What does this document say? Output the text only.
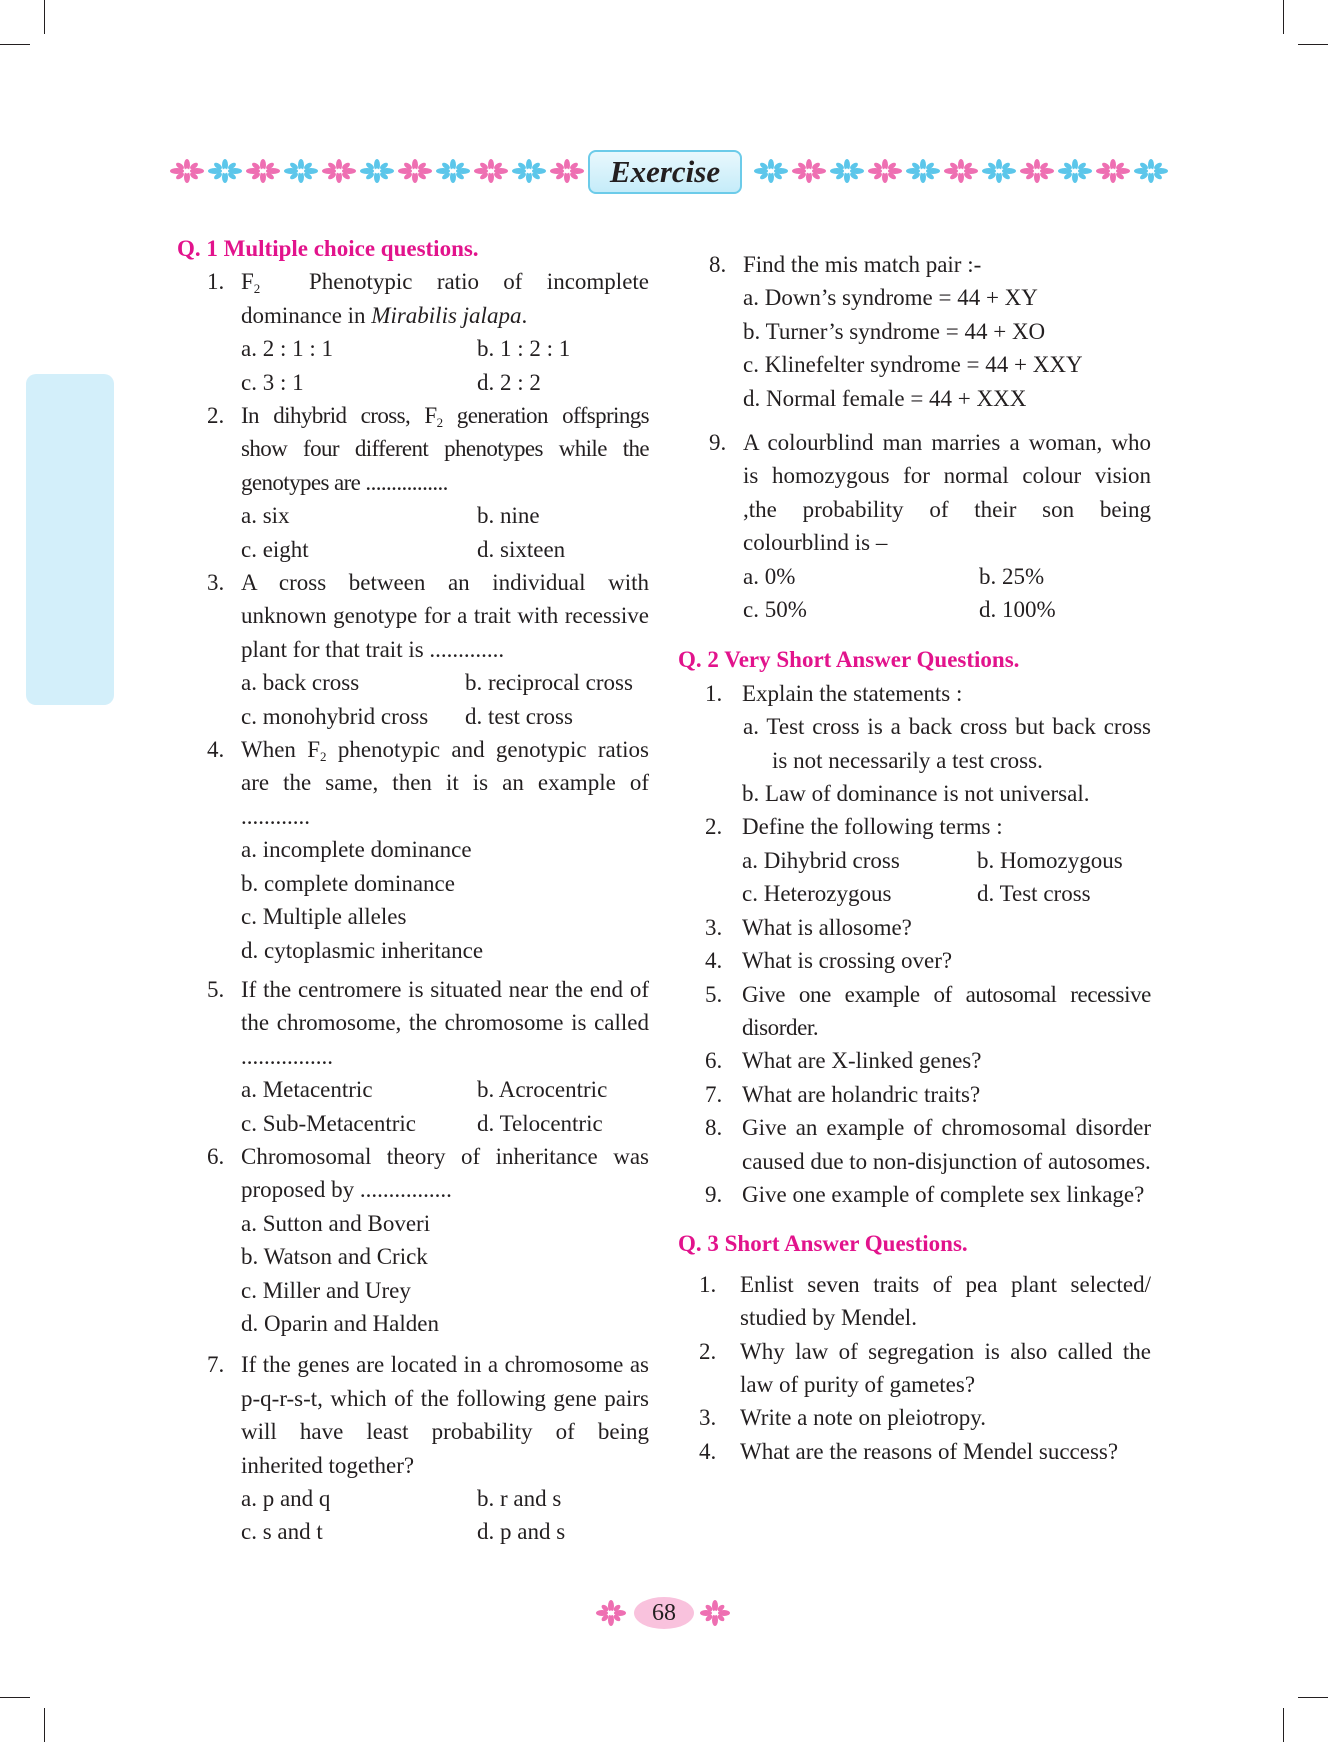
Exercise
Q. 1 Multiple choice questions.
1. $F_2$ Phenotypic ratio of incomplete
dominance in Mirabilis jalapa.
a. 2 : 1 : 1	b. 1 : 2 : 1
c. 3 : 1	d. 2 : 2
2. In dihybrid cross, $F_2$ generation offsprings show four different phenotypes while the genotypes are ................
a. six	b. nine
c. eight	d. sixteen
3. A cross between an individual with unknown genotype for a trait with recessive plant for that trait is .............
a. back cross	b. reciprocal cross
c. monohybrid cross	d. test cross
4. When $F_2$ phenotypic and genotypic ratios are the same, then it is an example of ............
a. incomplete dominance
b. complete dominance
c. Multiple alleles
d. cytoplasmic inheritance
5. If the centromere is situated near the end of the chromosome, the chromosome is called ................
a. Metacentric	b. Acrocentric
c. Sub-Metacentric	d. Telocentric
6. Chromosomal theory of inheritance was proposed by ................
a. Sutton and Boveri
b. Watson and Crick
c. Miller and Urey
d. Oparin and Halden
7. If the genes are located in a chromosome as p-q-r-s-t, which of the following gene pairs will have least probability of being inherited together?
a. p and q	b. r and s
c. s and t	d. p and s
8. Find the mis match pair :-
a. Down’s syndrome = 44 + XY
b. Turner’s syndrome = 44 + XO
c. Klinefelter syndrome = 44 + XXY
d. Normal female = 44 + XXX
9. A colourblind man marries a woman, who is homozygous for normal colour vision ,the probability of their son being colourblind is –
a. 0%	b. 25%
c. 50%	d. 100%
Q. 2 Very Short Answer Questions.
1. Explain the statements :
a. Test cross is a back cross but back cross is not necessarily a test cross.
b. Law of dominance is not universal.
2. Define the following terms :
a. Dihybrid cross	b. Homozygous
c. Heterozygous	d. Test cross
3. What is allosome?
4. What is crossing over?
5. Give one example of autosomal recessive disorder.
6. What are X-linked genes?
7. What are holandric traits?
8. Give an example of chromosomal disorder caused due to non-disjunction of autosomes.
9. Give one example of complete sex linkage?
Q. 3 Short Answer Questions.
1. Enlist seven traits of pea plant selected/ studied by Mendel.
2. Why law of segregation is also called the law of purity of gametes?
3. Write a note on pleiotropy.
4. What are the reasons of Mendel success?
68
